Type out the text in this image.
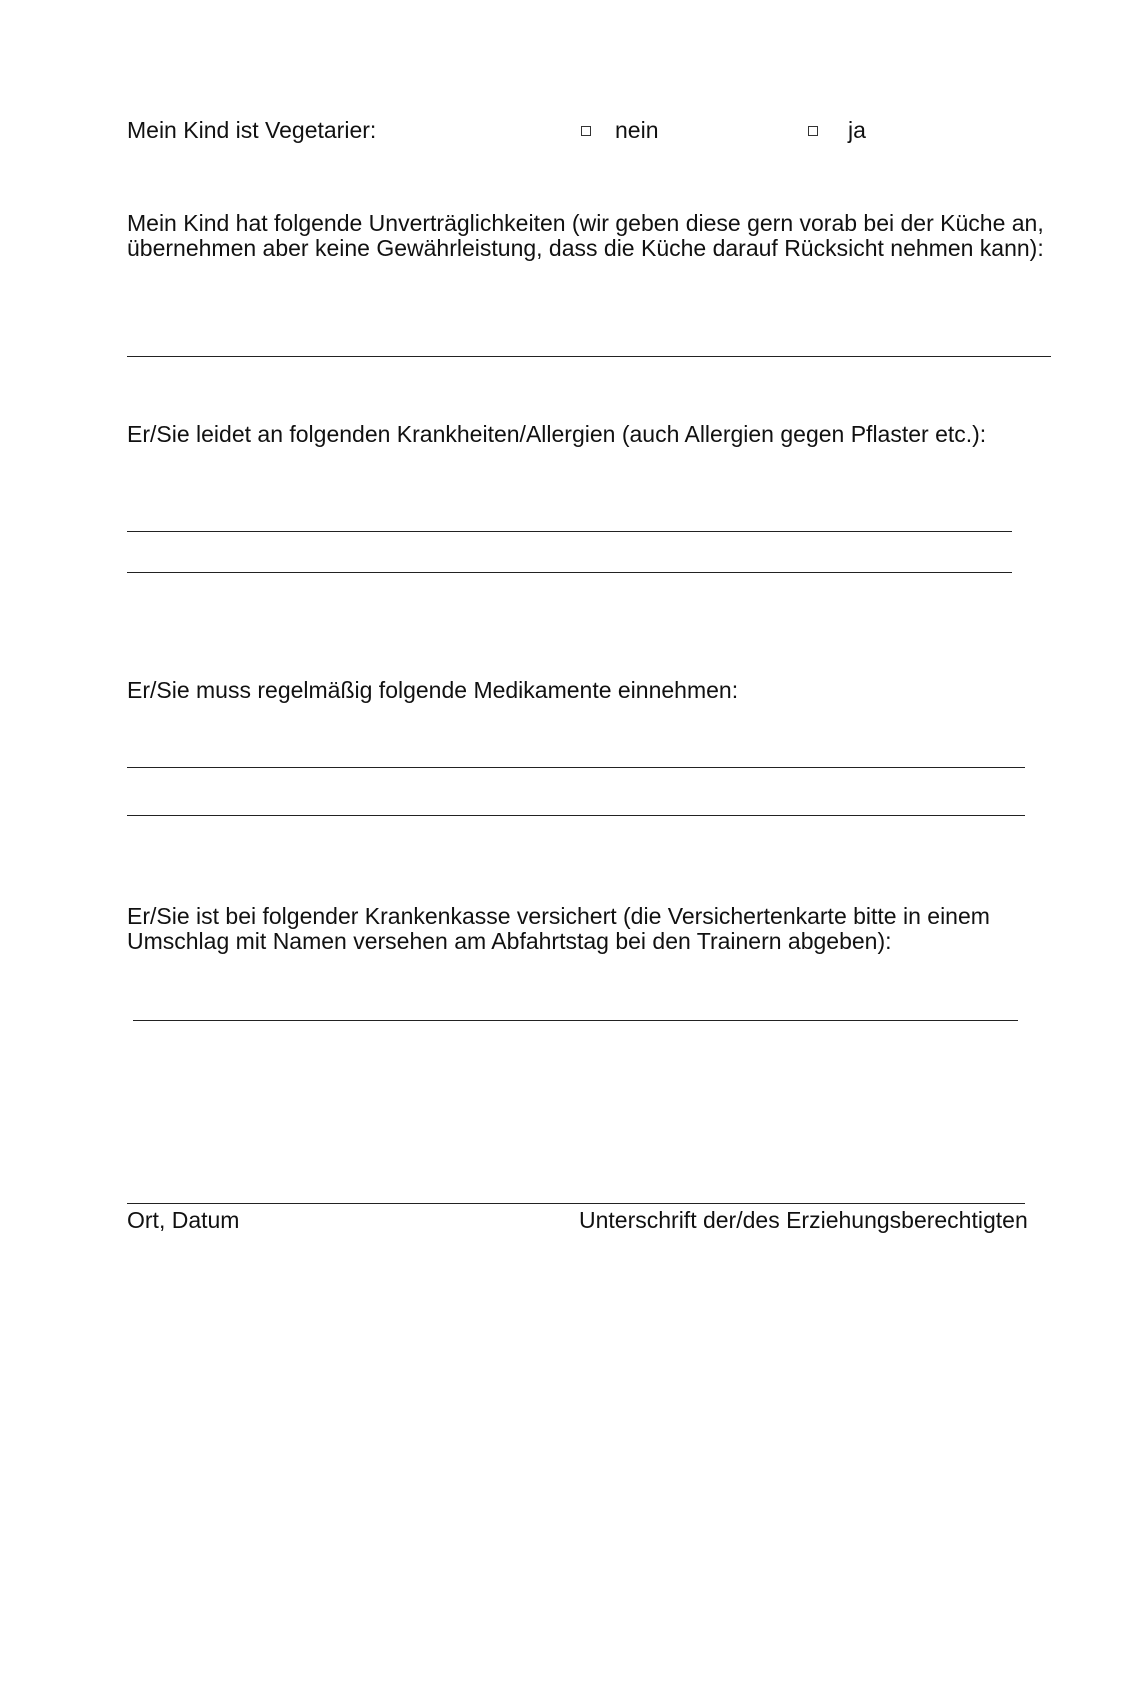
Mein Kind ist Vegetarier:	nein	ja
Mein Kind hat folgende Unverträglichkeiten (wir geben diese gern vorab bei der Küche an,
übernehmen aber keine Gewährleistung, dass die Küche darauf Rücksicht nehmen kann):
Er/Sie leidet an folgenden Krankheiten/Allergien (auch Allergien gegen Pflaster etc.):
Er/Sie muss regelmäßig folgende Medikamente einnehmen:
Er/Sie ist bei folgender Krankenkasse versichert (die Versichertenkarte bitte in einem
Umschlag mit Namen versehen am Abfahrtstag bei den Trainern abgeben):
Ort, Datum	Unterschrift der/des Erziehungsberechtigten
